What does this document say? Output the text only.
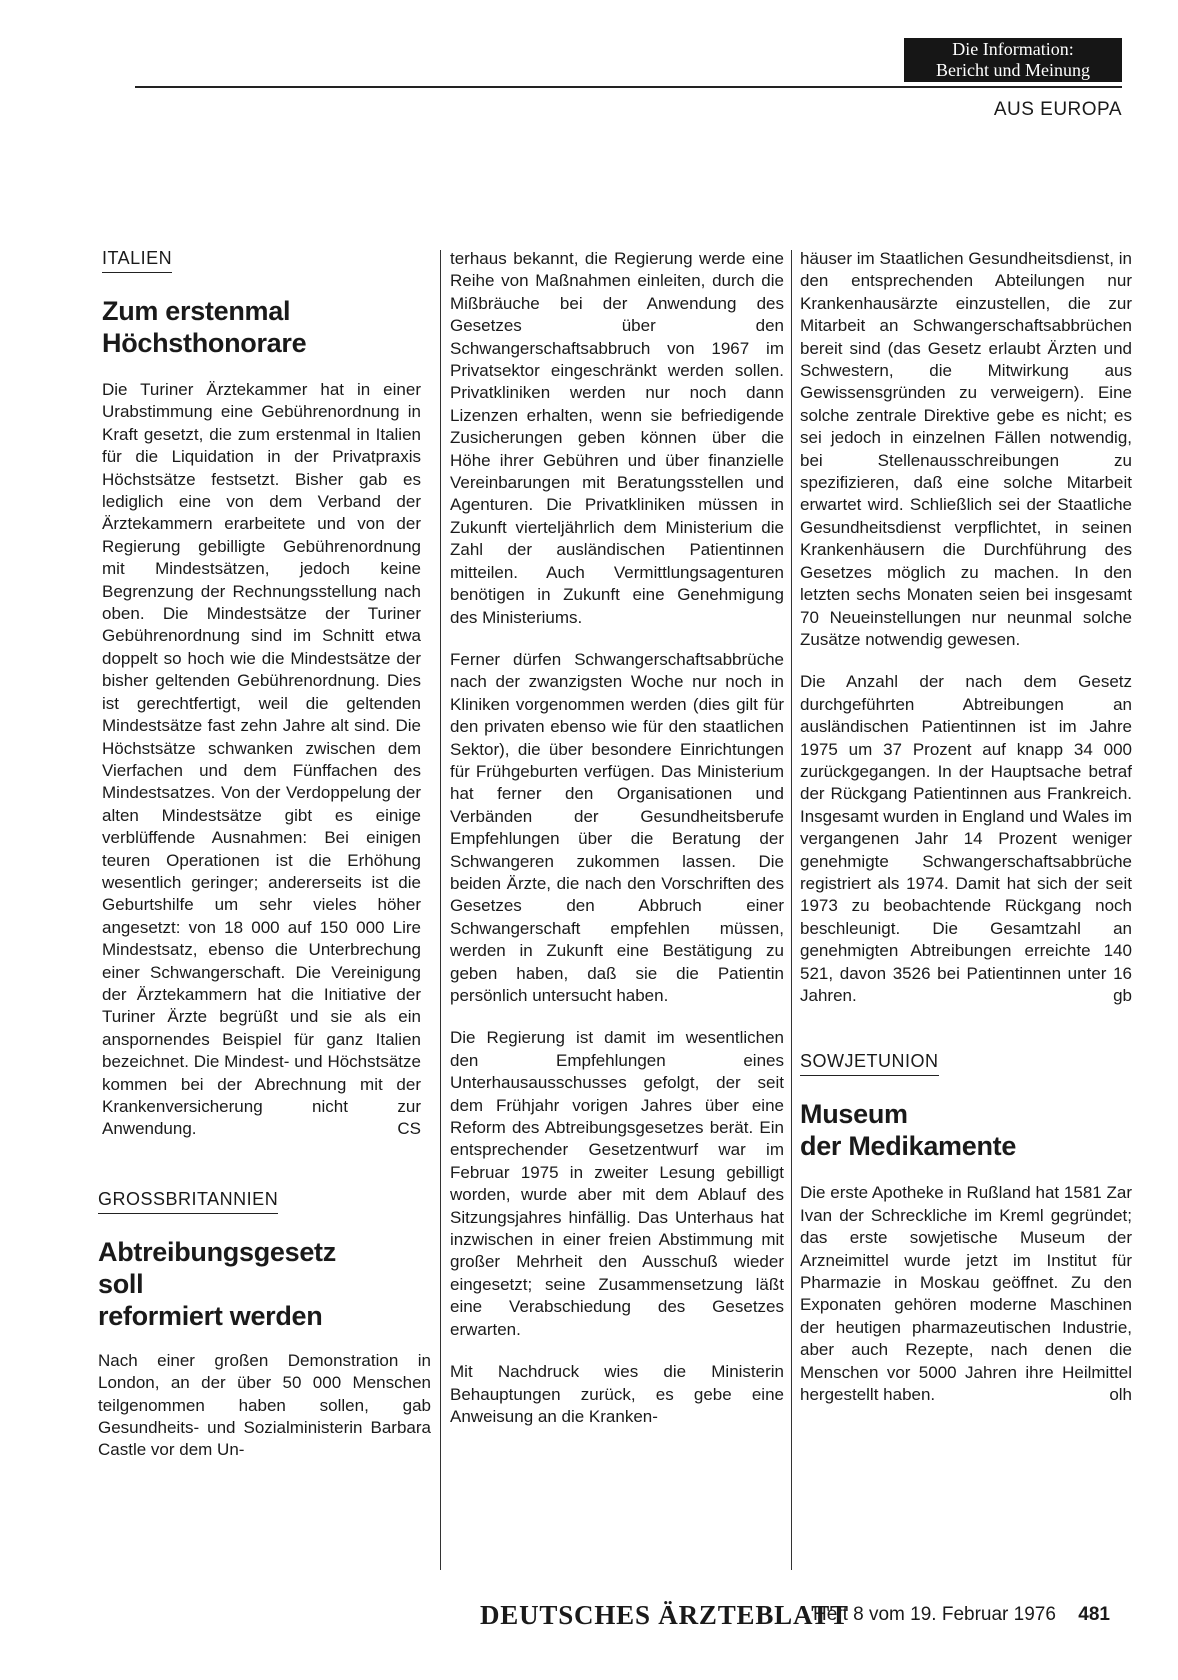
Die Information:
Bericht und Meinung
AUS EUROPA
ITALIEN
Zum erstenmal
Höchsthonorare
Die Turiner Ärztekammer hat in einer Urabstimmung eine Gebührenordnung in Kraft gesetzt, die zum erstenmal in Italien für die Liquidation in der Privatpraxis Höchstsätze festsetzt. Bisher gab es lediglich eine von dem Verband der Ärztekammern erarbeitete und von der Regierung gebilligte Gebührenordnung mit Mindestsätzen, jedoch keine Begrenzung der Rechnungsstellung nach oben. Die Mindestsätze der Turiner Gebührenordnung sind im Schnitt etwa doppelt so hoch wie die Mindestsätze der bisher geltenden Gebührenordnung. Dies ist gerechtfertigt, weil die geltenden Mindestsätze fast zehn Jahre alt sind. Die Höchstsätze schwanken zwischen dem Vierfachen und dem Fünffachen des Mindestsatzes. Von der Verdoppelung der alten Mindestsätze gibt es einige verblüffende Ausnahmen: Bei einigen teuren Operationen ist die Erhöhung wesentlich geringer; andererseits ist die Geburtshilfe um sehr vieles höher angesetzt: von 18 000 auf 150 000 Lire Mindestsatz, ebenso die Unterbrechung einer Schwangerschaft. Die Vereinigung der Ärztekammern hat die Initiative der Turiner Ärzte begrüßt und sie als ein anspornendes Beispiel für ganz Italien bezeichnet. Die Mindest- und Höchstsätze kommen bei der Abrechnung mit der Krankenversicherung nicht zur Anwendung.	CS
GROSSBRITANNIEN
Abtreibungsgesetz
soll
reformiert werden
Nach einer großen Demonstration in London, an der über 50 000 Menschen teilgenommen haben sollen, gab Gesundheits- und Sozialministerin Barbara Castle vor dem Un-
terhaus bekannt, die Regierung werde eine Reihe von Maßnahmen einleiten, durch die Mißbräuche bei der Anwendung des Gesetzes über den Schwangerschaftsabbruch von 1967 im Privatsektor eingeschränkt werden sollen. Privatkliniken werden nur noch dann Lizenzen erhalten, wenn sie befriedigende Zusicherungen geben können über die Höhe ihrer Gebühren und über finanzielle Vereinbarungen mit Beratungsstellen und Agenturen. Die Privatkliniken müssen in Zukunft vierteljährlich dem Ministerium die Zahl der ausländischen Patientinnen mitteilen. Auch Vermittlungsagenturen benötigen in Zukunft eine Genehmigung des Ministeriums.
Ferner dürfen Schwangerschaftsabbrüche nach der zwanzigsten Woche nur noch in Kliniken vorgenommen werden (dies gilt für den privaten ebenso wie für den staatlichen Sektor), die über besondere Einrichtungen für Frühgeburten verfügen. Das Ministerium hat ferner den Organisationen und Verbänden der Gesundheitsberufe Empfehlungen über die Beratung der Schwangeren zukommen lassen. Die beiden Ärzte, die nach den Vorschriften des Gesetzes den Abbruch einer Schwangerschaft empfehlen müssen, werden in Zukunft eine Bestätigung zu geben haben, daß sie die Patientin persönlich untersucht haben.
Die Regierung ist damit im wesentlichen den Empfehlungen eines Unterhausausschusses gefolgt, der seit dem Frühjahr vorigen Jahres über eine Reform des Abtreibungsgesetzes berät. Ein entsprechender Gesetzentwurf war im Februar 1975 in zweiter Lesung gebilligt worden, wurde aber mit dem Ablauf des Sitzungsjahres hinfällig. Das Unterhaus hat inzwischen in einer freien Abstimmung mit großer Mehrheit den Ausschuß wieder eingesetzt; seine Zusammensetzung läßt eine Verabschiedung des Gesetzes erwarten.
Mit Nachdruck wies die Ministerin Behauptungen zurück, es gebe eine Anweisung an die Kranken-
häuser im Staatlichen Gesundheitsdienst, in den entsprechenden Abteilungen nur Krankenhausärzte einzustellen, die zur Mitarbeit an Schwangerschaftsabbrüchen bereit sind (das Gesetz erlaubt Ärzten und Schwestern, die Mitwirkung aus Gewissensgründen zu verweigern). Eine solche zentrale Direktive gebe es nicht; es sei jedoch in einzelnen Fällen notwendig, bei Stellenausschreibungen zu spezifizieren, daß eine solche Mitarbeit erwartet wird. Schließlich sei der Staatliche Gesundheitsdienst verpflichtet, in seinen Krankenhäusern die Durchführung des Gesetzes möglich zu machen. In den letzten sechs Monaten seien bei insgesamt 70 Neueinstellungen nur neunmal solche Zusätze notwendig gewesen.
Die Anzahl der nach dem Gesetz durchgeführten Abtreibungen an ausländischen Patientinnen ist im Jahre 1975 um 37 Prozent auf knapp 34 000 zurückgegangen. In der Hauptsache betraf der Rückgang Patientinnen aus Frankreich. Insgesamt wurden in England und Wales im vergangenen Jahr 14 Prozent weniger genehmigte Schwangerschaftsabbrüche registriert als 1974. Damit hat sich der seit 1973 zu beobachtende Rückgang noch beschleunigt. Die Gesamtzahl an genehmigten Abtreibungen erreichte 140 521, davon 3526 bei Patientinnen unter 16 Jahren.	gb
SOWJETUNION
Museum
der Medikamente
Die erste Apotheke in Rußland hat 1581 Zar Ivan der Schreckliche im Kreml gegründet; das erste sowjetische Museum der Arzneimittel wurde jetzt im Institut für Pharmazie in Moskau geöffnet. Zu den Exponaten gehören moderne Maschinen der heutigen pharmazeutischen Industrie, aber auch Rezepte, nach denen die Menschen vor 5000 Jahren ihre Heilmittel hergestellt haben.	olh
DEUTSCHES ÄRZTEBLATT
Heft 8 vom 19. Februar 1976 481
